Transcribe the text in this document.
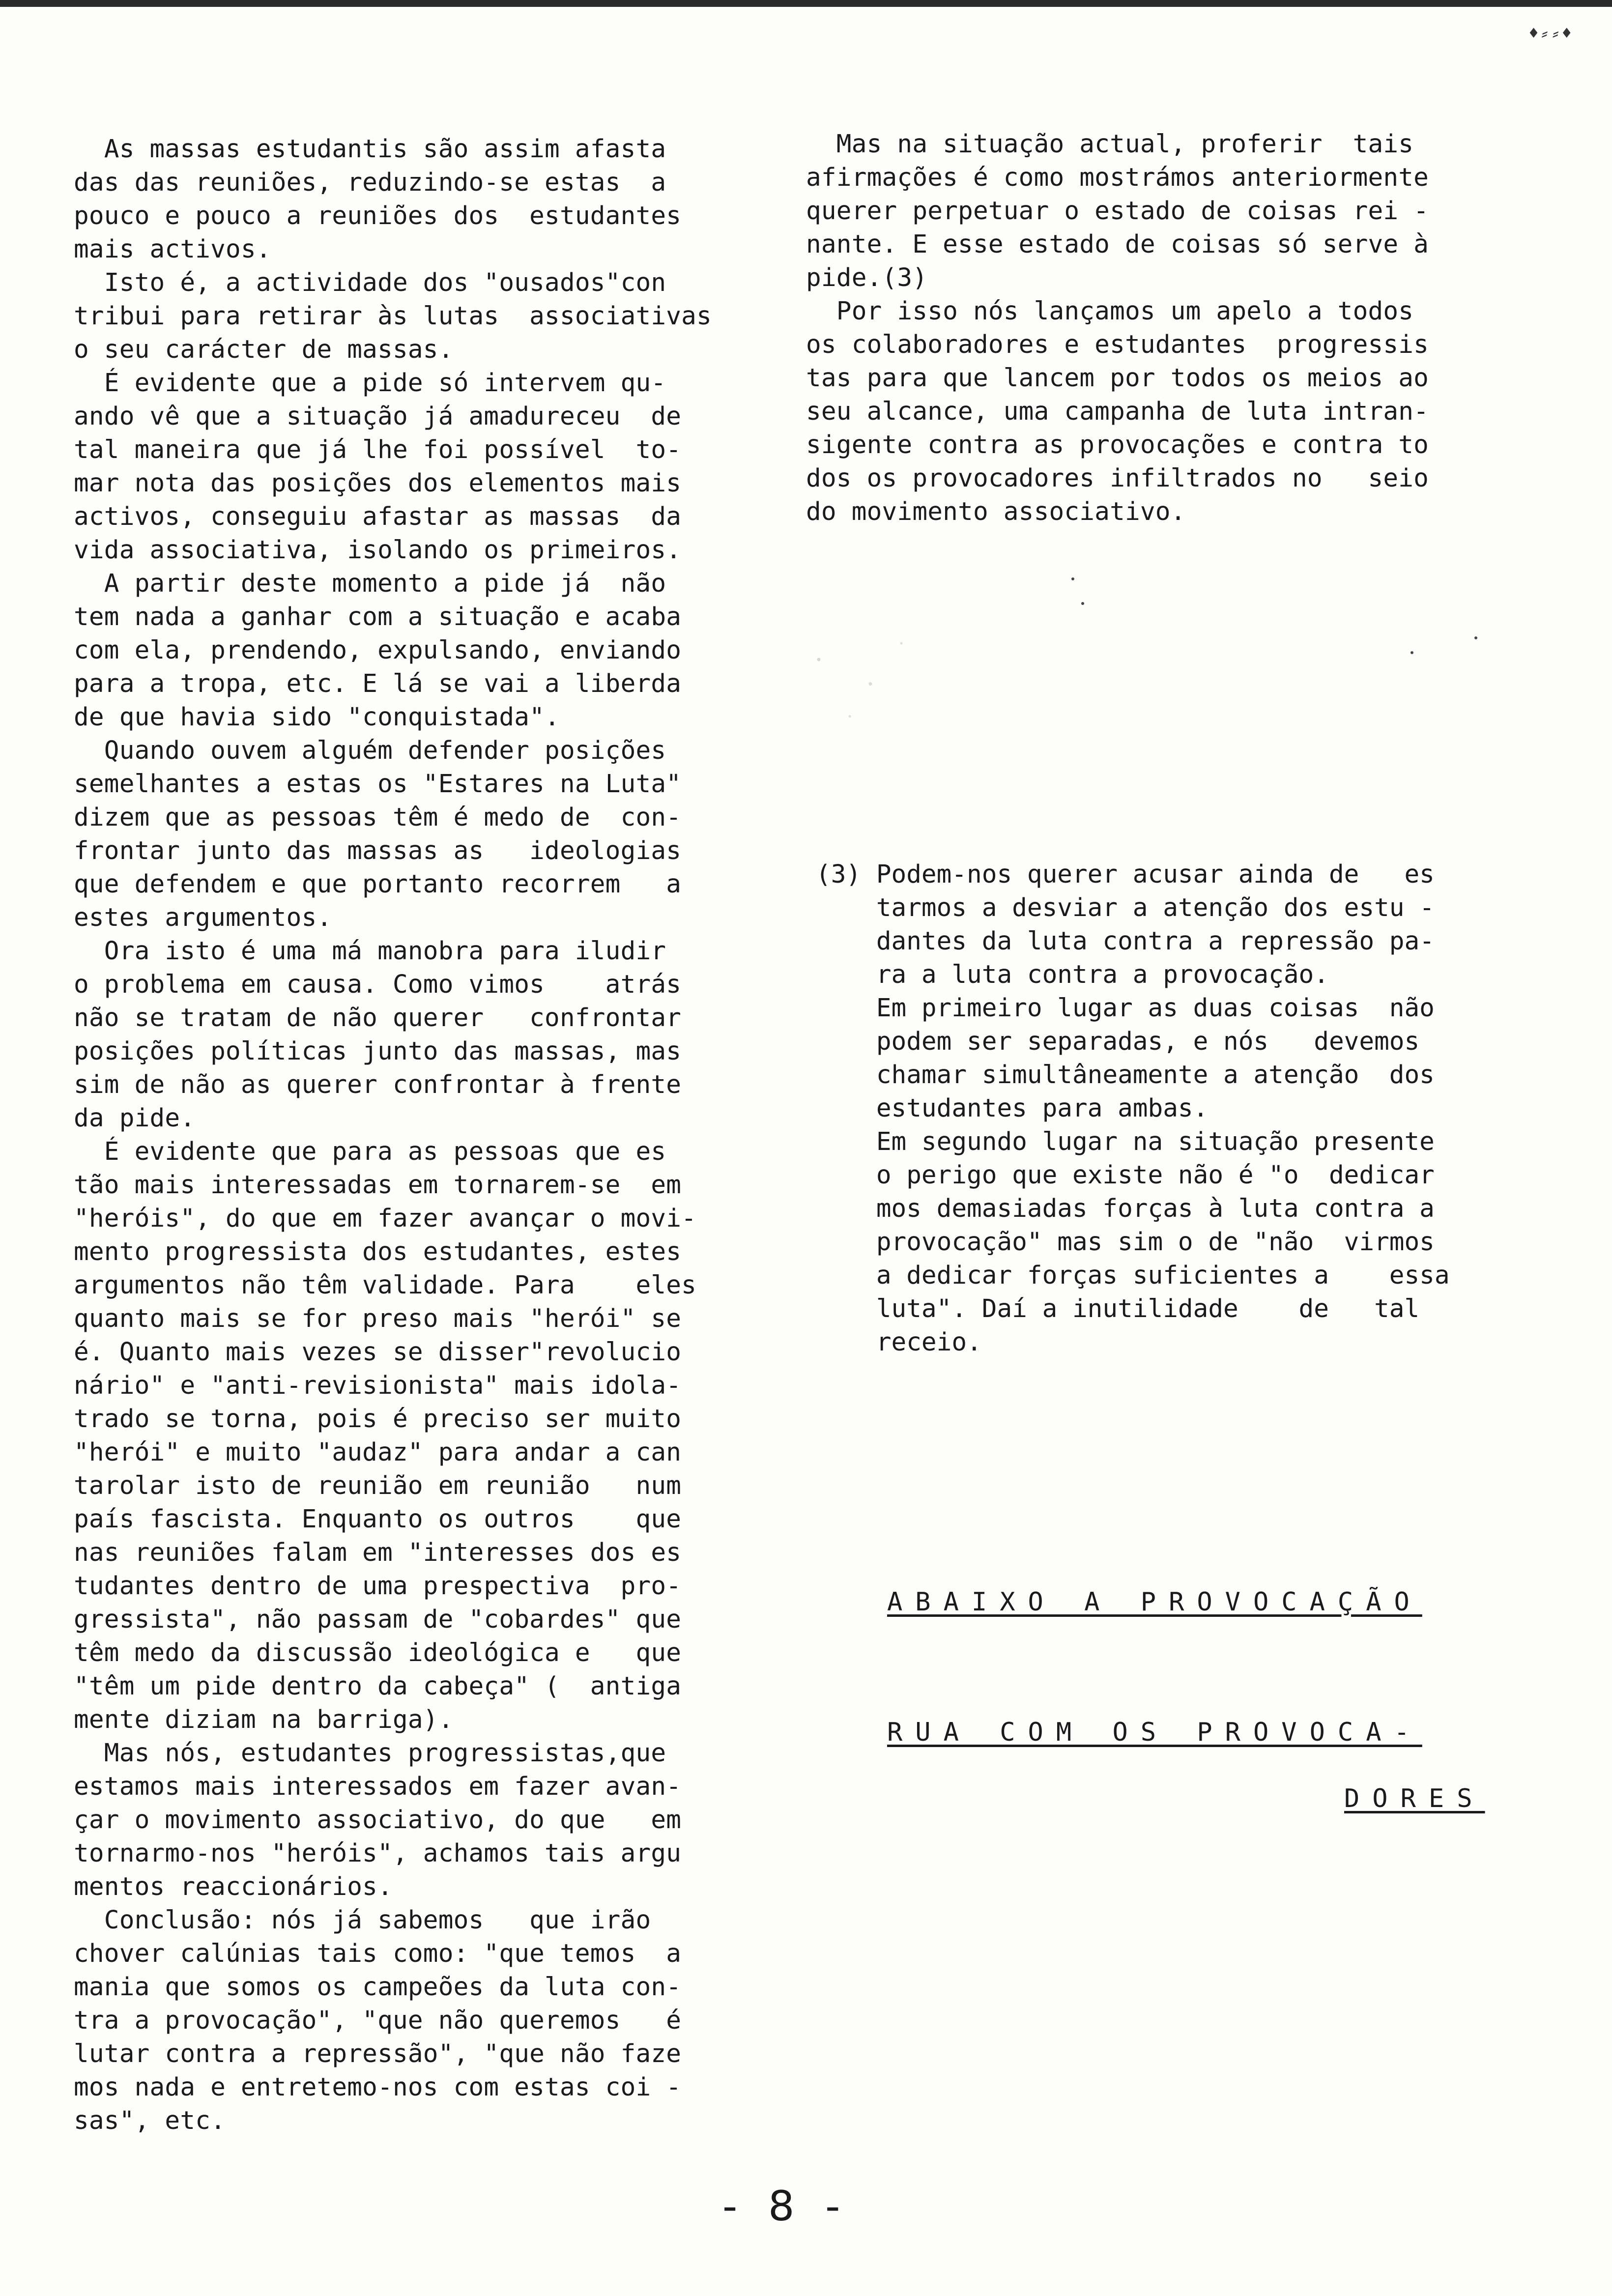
♦⸗⸗♦
As massas estudantis são assim afasta
das das reuniões, reduzindo-se estas  a
pouco e pouco a reuniões dos  estudantes
mais activos.
Isto é, a actividade dos "ousados"con
tribui para retirar às lutas  associativas
o seu carácter de massas.
É evidente que a pide só intervem qu-
ando vê que a situação já amadureceu  de
tal maneira que já lhe foi possível  to-
mar nota das posições dos elementos mais
activos, conseguiu afastar as massas  da
vida associativa, isolando os primeiros.
A partir deste momento a pide já  não
tem nada a ganhar com a situação e acaba
com ela, prendendo, expulsando, enviando
para a tropa, etc. E lá se vai a liberda
de que havia sido "conquistada".
Quando ouvem alguém defender posições
semelhantes a estas os "Estares na Luta"
dizem que as pessoas têm é medo de  con-
frontar junto das massas as   ideologias
que defendem e que portanto recorrem   a
estes argumentos.
Ora isto é uma má manobra para iludir
o problema em causa. Como vimos    atrás
não se tratam de não querer   confrontar
posições políticas junto das massas, mas
sim de não as querer confrontar à frente
da pide.
É evidente que para as pessoas que es
tão mais interessadas em tornarem-se  em
"heróis", do que em fazer avançar o movi-
mento progressista dos estudantes, estes
argumentos não têm validade. Para    eles
quanto mais se for preso mais "herói" se
é. Quanto mais vezes se disser"revolucio
nário" e "anti-revisionista" mais idola-
trado se torna, pois é preciso ser muito
"herói" e muito "audaz" para andar a can
tarolar isto de reunião em reunião   num
país fascista. Enquanto os outros    que
nas reuniões falam em "interesses dos es
tudantes dentro de uma prespectiva  pro-
gressista", não passam de "cobardes" que
têm medo da discussão ideológica e   que
"têm um pide dentro da cabeça" (  antiga
mente diziam na barriga).
Mas nós, estudantes progressistas,que
estamos mais interessados em fazer avan-
çar o movimento associativo, do que   em
tornarmo-nos "heróis", achamos tais argu
mentos reaccionários.
Conclusão: nós já sabemos   que irão
chover calúnias tais como: "que temos  a
mania que somos os campeões da luta con-
tra a provocação", "que não queremos   é
lutar contra a repressão", "que não faze
mos nada e entretemo-nos com estas coi -
sas", etc.
Mas na situação actual, proferir  tais
afirmações é como mostrámos anteriormente
querer perpetuar o estado de coisas rei -
nante. E esse estado de coisas só serve à
pide.(3)
Por isso nós lançamos um apelo a todos
os colaboradores e estudantes  progressis
tas para que lancem por todos os meios ao
seu alcance, uma campanha de luta intran-
sigente contra as provocações e contra to
dos os provocadores infiltrados no   seio
do movimento associativo.
(3) Podem-nos querer acusar ainda de   es
tarmos a desviar a atenção dos estu -
dantes da luta contra a repressão pa-
ra a luta contra a provocação.
Em primeiro lugar as duas coisas  não
podem ser separadas, e nós   devemos
chamar simultâneamente a atenção  dos
estudantes para ambas.
Em segundo lugar na situação presente
o perigo que existe não é "o  dedicar
mos demasiadas forças à luta contra a
provocação" mas sim o de "não  virmos
a dedicar forças suficientes a    essa
luta". Daí a inutilidade    de   tal
receio.
ABAIXO A PROVOCAÇÃO
RUA COM OS PROVOCA-
DORES
- 8 -
